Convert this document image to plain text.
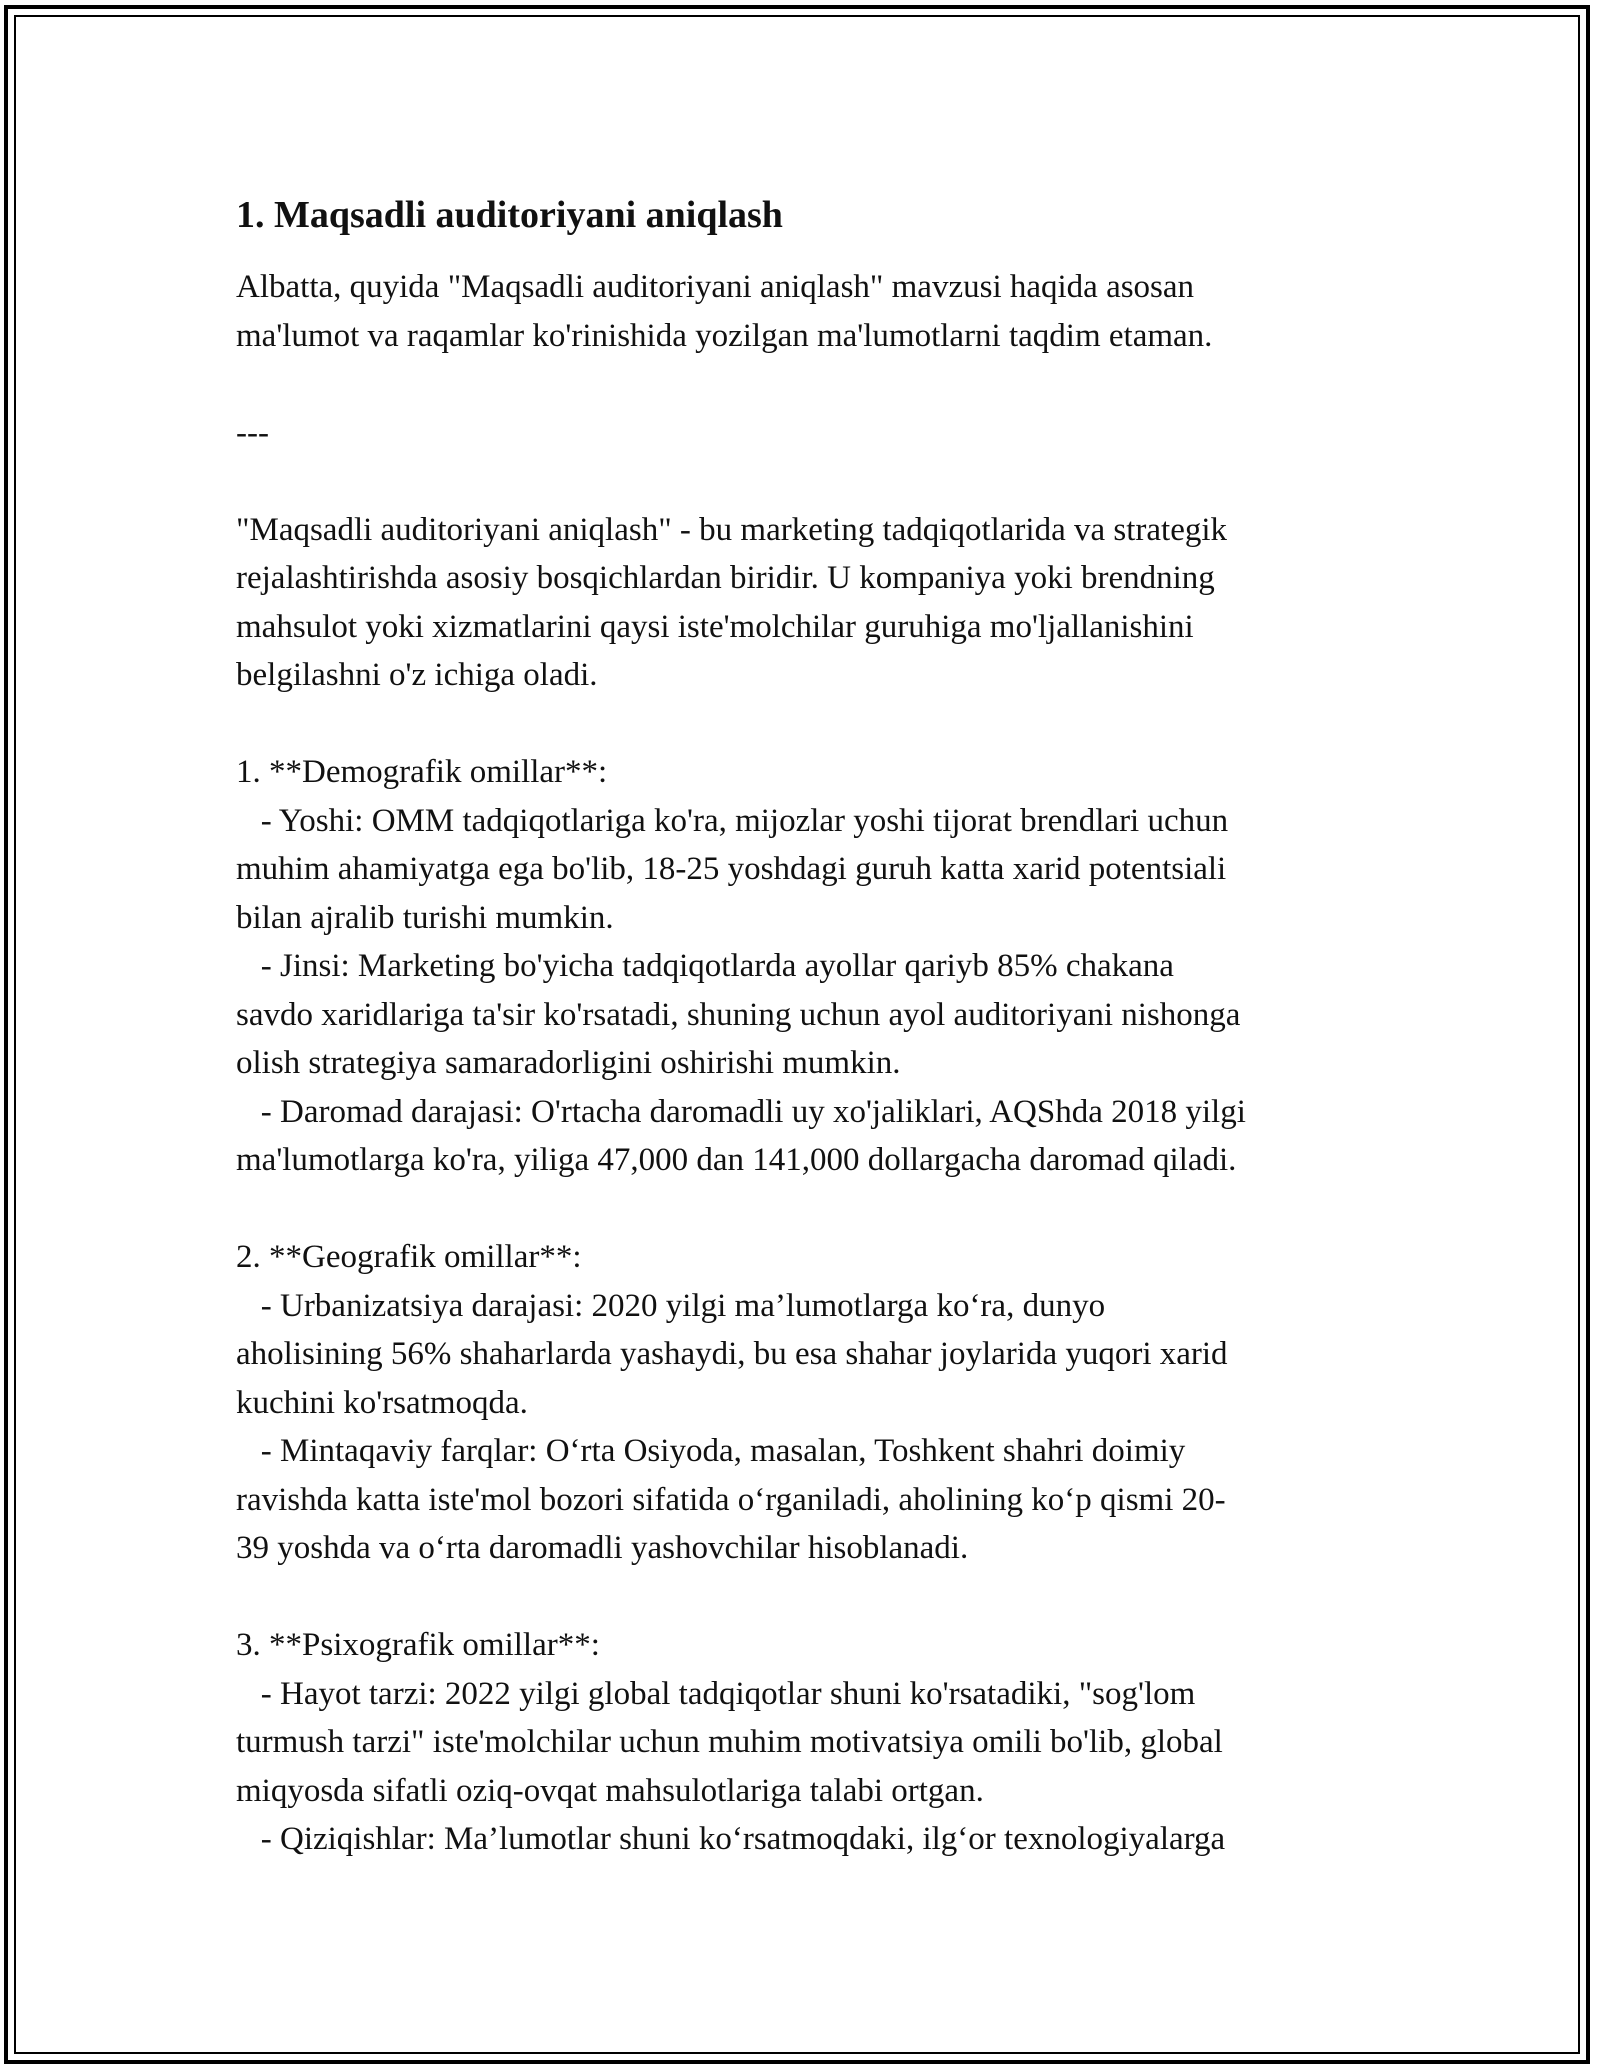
1. Maqsadli auditoriyani aniqlash

Albatta, quyida "Maqsadli auditoriyani aniqlash" mavzusi haqida asosan
ma'lumot va raqamlar ko'rinishida yozilgan ma'lumotlarni taqdim etaman.

---

"Maqsadli auditoriyani aniqlash" - bu marketing tadqiqotlarida va strategik
rejalashtirishda asosiy bosqichlardan biridir. U kompaniya yoki brendning
mahsulot yoki xizmatlarini qaysi iste'molchilar guruhiga mo'ljallanishini
belgilashni o'z ichiga oladi.

1. **Demografik omillar**:
- Yoshi: OMM tadqiqotlariga ko'ra, mijozlar yoshi tijorat brendlari uchun
muhim ahamiyatga ega bo'lib, 18-25 yoshdagi guruh katta xarid potentsiali
bilan ajralib turishi mumkin.
- Jinsi: Marketing bo'yicha tadqiqotlarda ayollar qariyb 85% chakana
savdo xaridlariga ta'sir ko'rsatadi, shuning uchun ayol auditoriyani nishonga
olish strategiya samaradorligini oshirishi mumkin.
- Daromad darajasi: O'rtacha daromadli uy xo'jaliklari, AQShda 2018 yilgi
ma'lumotlarga ko'ra, yiliga 47,000 dan 141,000 dollargacha daromad qiladi.

2. **Geografik omillar**:
- Urbanizatsiya darajasi: 2020 yilgi ma’lumotlarga ko‘ra, dunyo
aholisining 56% shaharlarda yashaydi, bu esa shahar joylarida yuqori xarid
kuchini ko'rsatmoqda.
- Mintaqaviy farqlar: O‘rta Osiyoda, masalan, Toshkent shahri doimiy
ravishda katta iste'mol bozori sifatida o‘rganiladi, aholining ko‘p qismi 20-
39 yoshda va o‘rta daromadli yashovchilar hisoblanadi.

3. **Psixografik omillar**:
- Hayot tarzi: 2022 yilgi global tadqiqotlar shuni ko'rsatadiki, "sog'lom
turmush tarzi" iste'molchilar uchun muhim motivatsiya omili bo'lib, global
miqyosda sifatli oziq-ovqat mahsulotlariga talabi ortgan.
- Qiziqishlar: Ma’lumotlar shuni ko‘rsatmoqdaki, ilg‘or texnologiyalarga
